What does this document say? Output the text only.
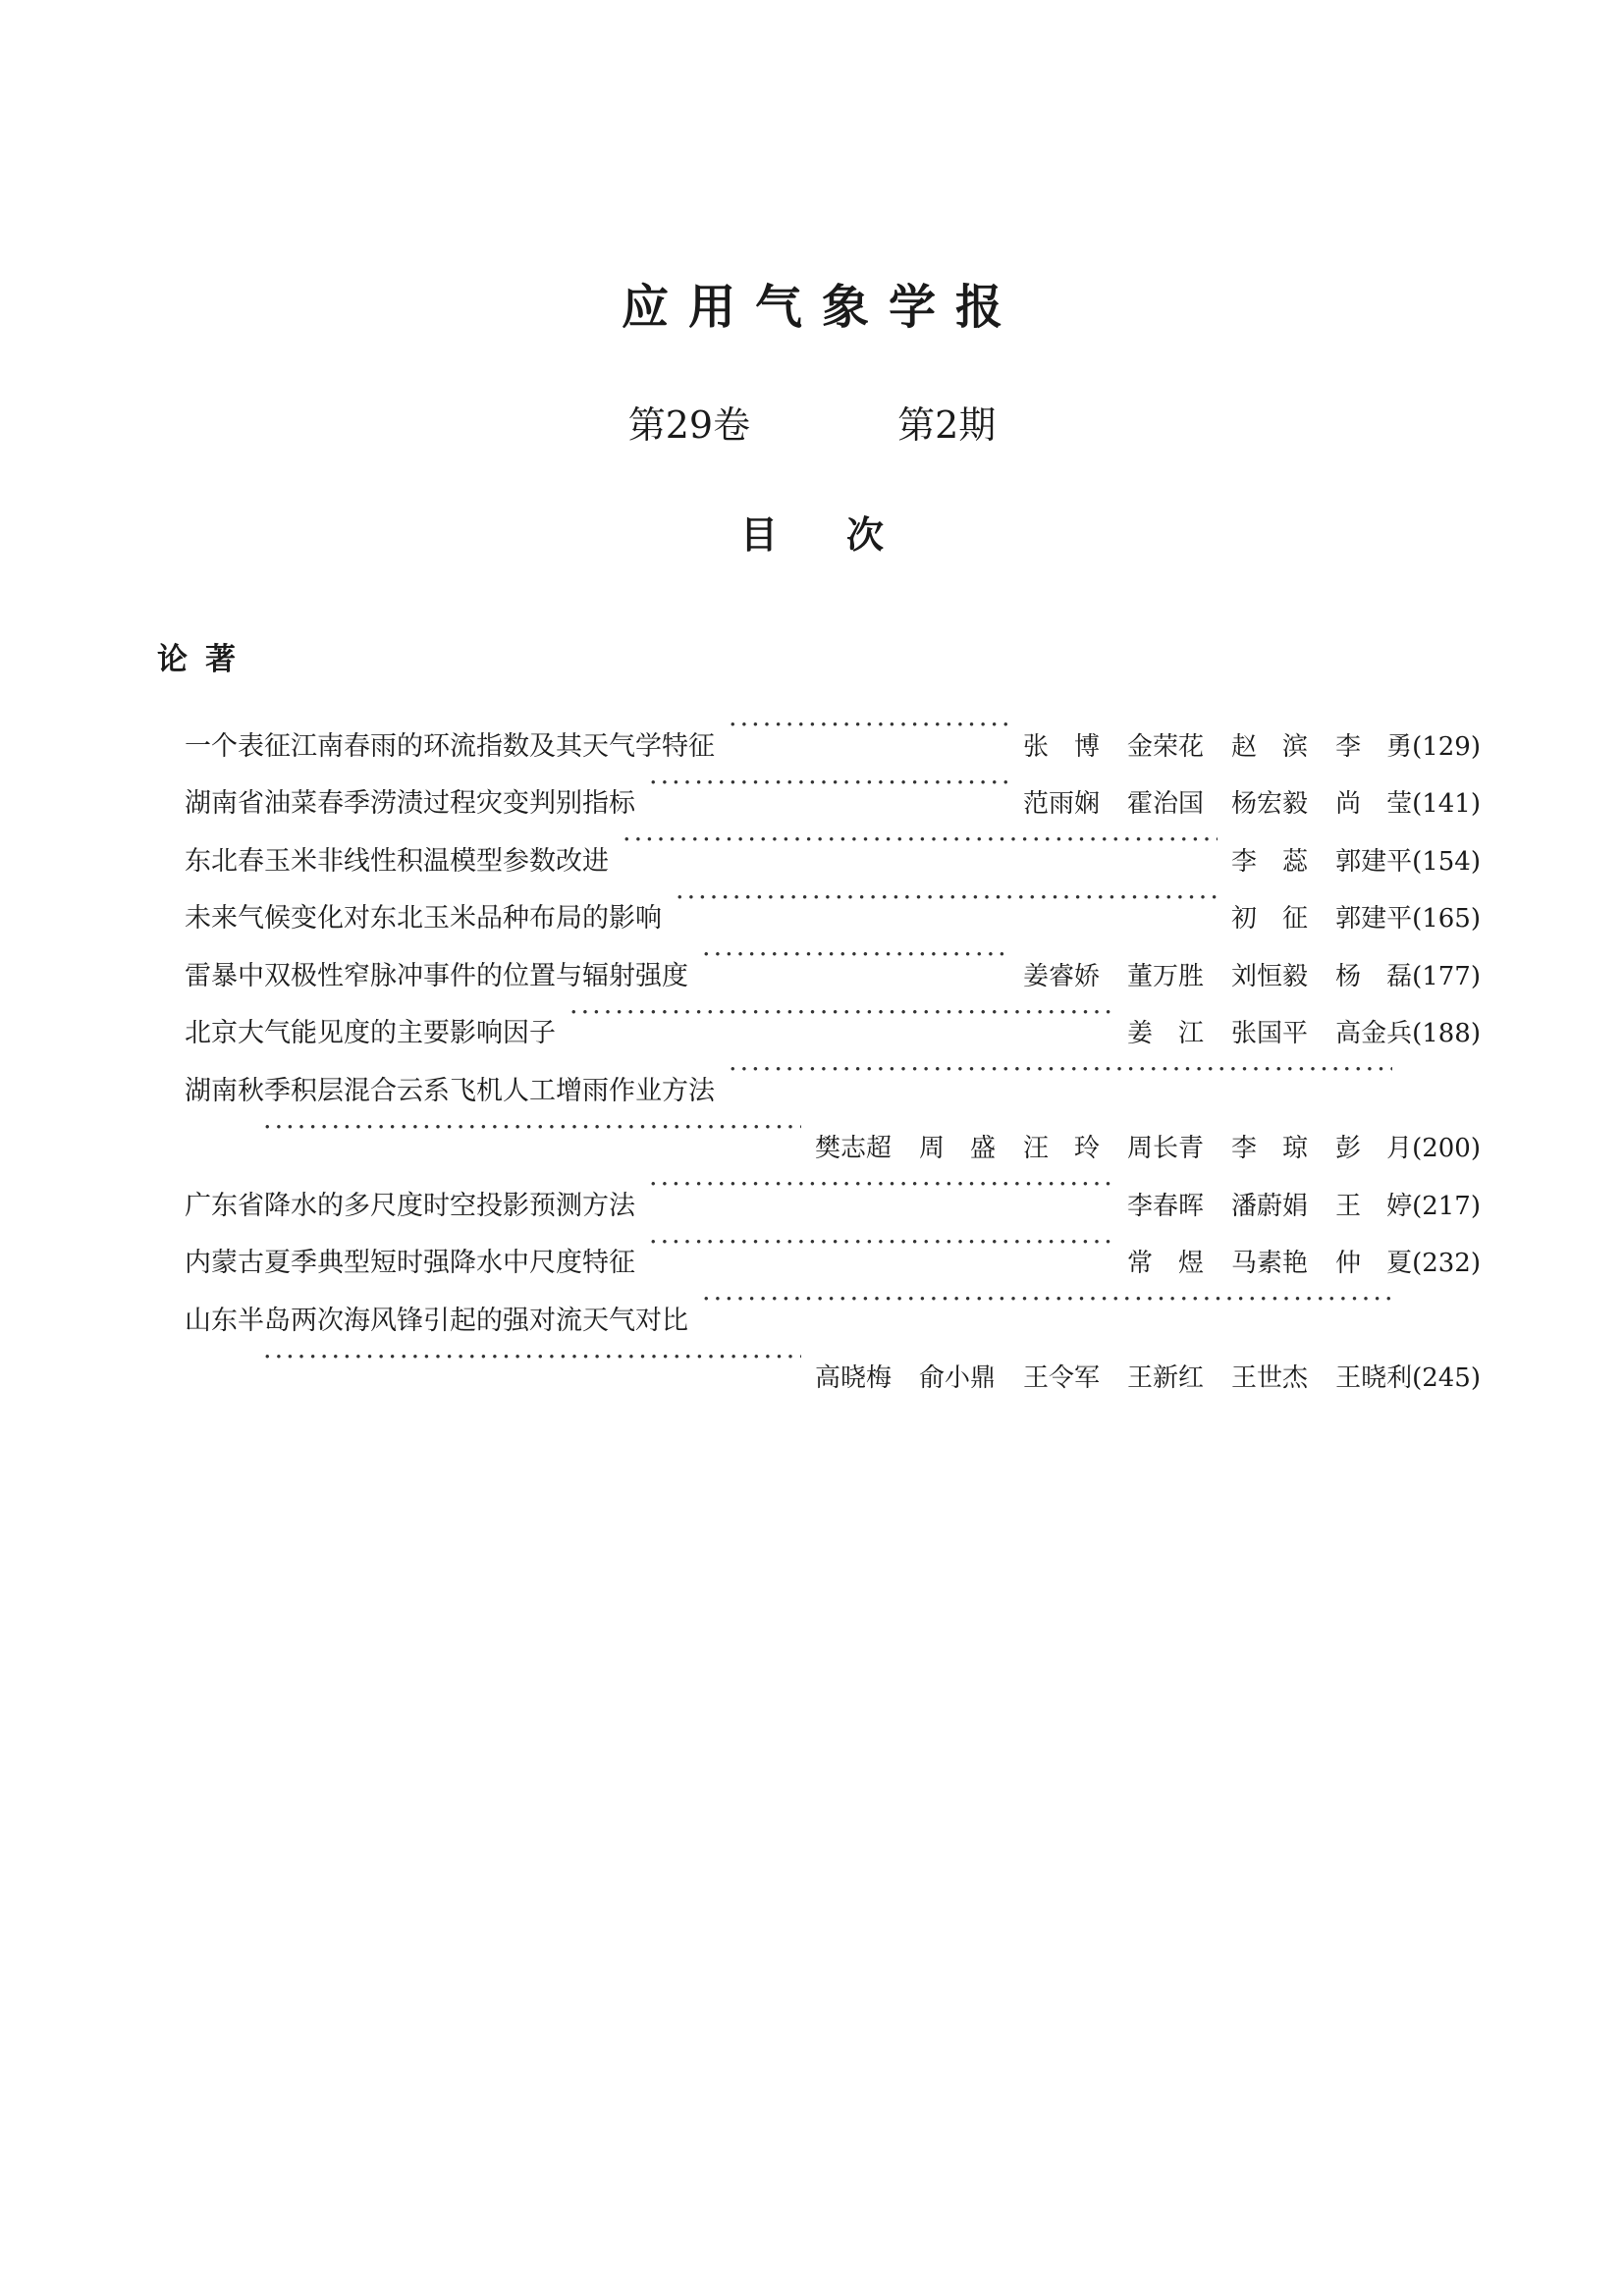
应用气象学报
第29卷	第2期
目 次
论著
一个表征江南春雨的环流指数及其天气学特征 ·····	张　博 金荣花 赵　滨 李　勇 (129)
湖南省油菜春季涝渍过程灾变判别指标 ·····	范雨娴 霍治国 杨宏毅 尚　莹 (141)
东北春玉米非线性积温模型参数改进 ·····	李　蕊 郭建平 (154)
未来气候变化对东北玉米品种布局的影响 ·····	初　征 郭建平 (165)
雷暴中双极性窄脉冲事件的位置与辐射强度 ·····	姜睿娇 董万胜 刘恒毅 杨　磊 (177)
北京大气能见度的主要影响因子 ·····	姜　江 张国平 高金兵 (188)
湖南秋季积层混合云系飞机人工增雨作业方法
·····
·····
樊志超 周　盛 汪　玲 周长青 李　琼 彭　月 (200)
广东省降水的多尺度时空投影预测方法 ·····	李春晖 潘蔚娟 王　婷 (217)
内蒙古夏季典型短时强降水中尺度特征 ·····	常　煜 马素艳 仲　夏 (232)
山东半岛两次海风锋引起的强对流天气对比
·····
·····
高晓梅 俞小鼎 王令军 王新红 王世杰 王晓利 (245)
